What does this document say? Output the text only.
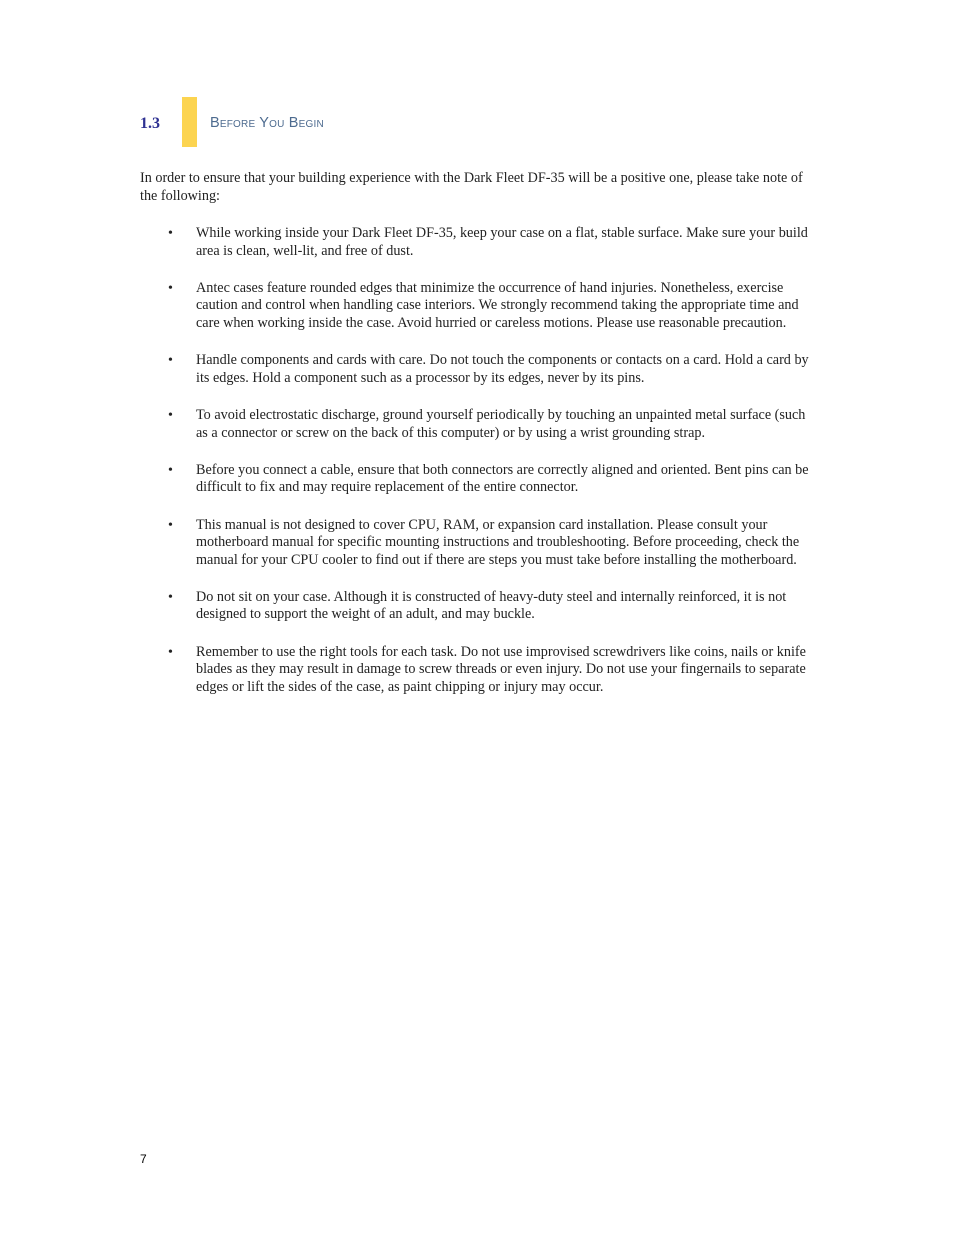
1.3	Before You Begin

In order to ensure that your building experience with the Dark Fleet DF-35 will be a positive one, please take note of the following:

• While working inside your Dark Fleet DF-35, keep your case on a flat, stable surface. Make sure your build area is clean, well-lit, and free of dust.
• Antec cases feature rounded edges that minimize the occurrence of hand injuries. Nonetheless, exercise caution and control when handling case interiors. We strongly recommend taking the appropriate time and care when working inside the case. Avoid hurried or careless motions. Please use reasonable precaution.
• Handle components and cards with care. Do not touch the components or contacts on a card. Hold a card by its edges. Hold a component such as a processor by its edges, never by its pins.
• To avoid electrostatic discharge, ground yourself periodically by touching an unpainted metal surface (such as a connector or screw on the back of this computer) or by using a wrist grounding strap.
• Before you connect a cable, ensure that both connectors are correctly aligned and oriented. Bent pins can be difficult to fix and may require replacement of the entire connector.
• This manual is not designed to cover CPU, RAM, or expansion card installation. Please consult your motherboard manual for specific mounting instructions and troubleshooting. Before proceeding, check the manual for your CPU cooler to find out if there are steps you must take before installing the motherboard.
• Do not sit on your case. Although it is constructed of heavy-duty steel and internally reinforced, it is not designed to support the weight of an adult, and may buckle.
• Remember to use the right tools for each task. Do not use improvised screwdrivers like coins, nails or knife blades as they may result in damage to screw threads or even injury. Do not use your fingernails to separate edges or lift the sides of the case, as paint chipping or injury may occur.
7
